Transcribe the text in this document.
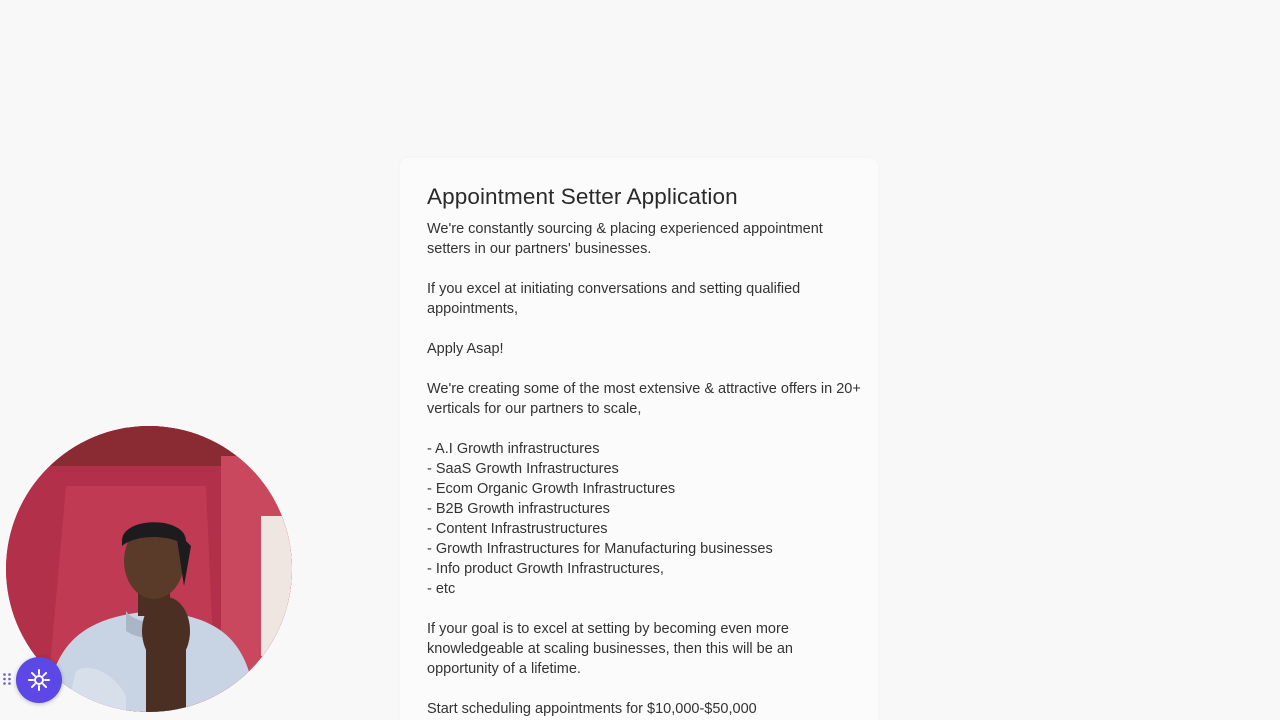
Appointment Setter Application

We're constantly sourcing & placing experienced appointment setters in our partners' businesses.

If you excel at initiating conversations and setting qualified appointments,

Apply Asap!

We're creating some of the most extensive & attractive offers in 20+ verticals for our partners to scale,

- A.I Growth infrastructures
- SaaS Growth Infrastructures
- Ecom Organic Growth Infrastructures
- B2B Growth infrastructures
- Content Infrastrustructures
- Growth Infrastructures for Manufacturing businesses
- Info product Growth Infrastructures,
- etc

If your goal is to excel at setting by becoming even more knowledgeable at scaling businesses, then this will be an opportunity of a lifetime.

Start scheduling appointments for $10,000-$50,000
